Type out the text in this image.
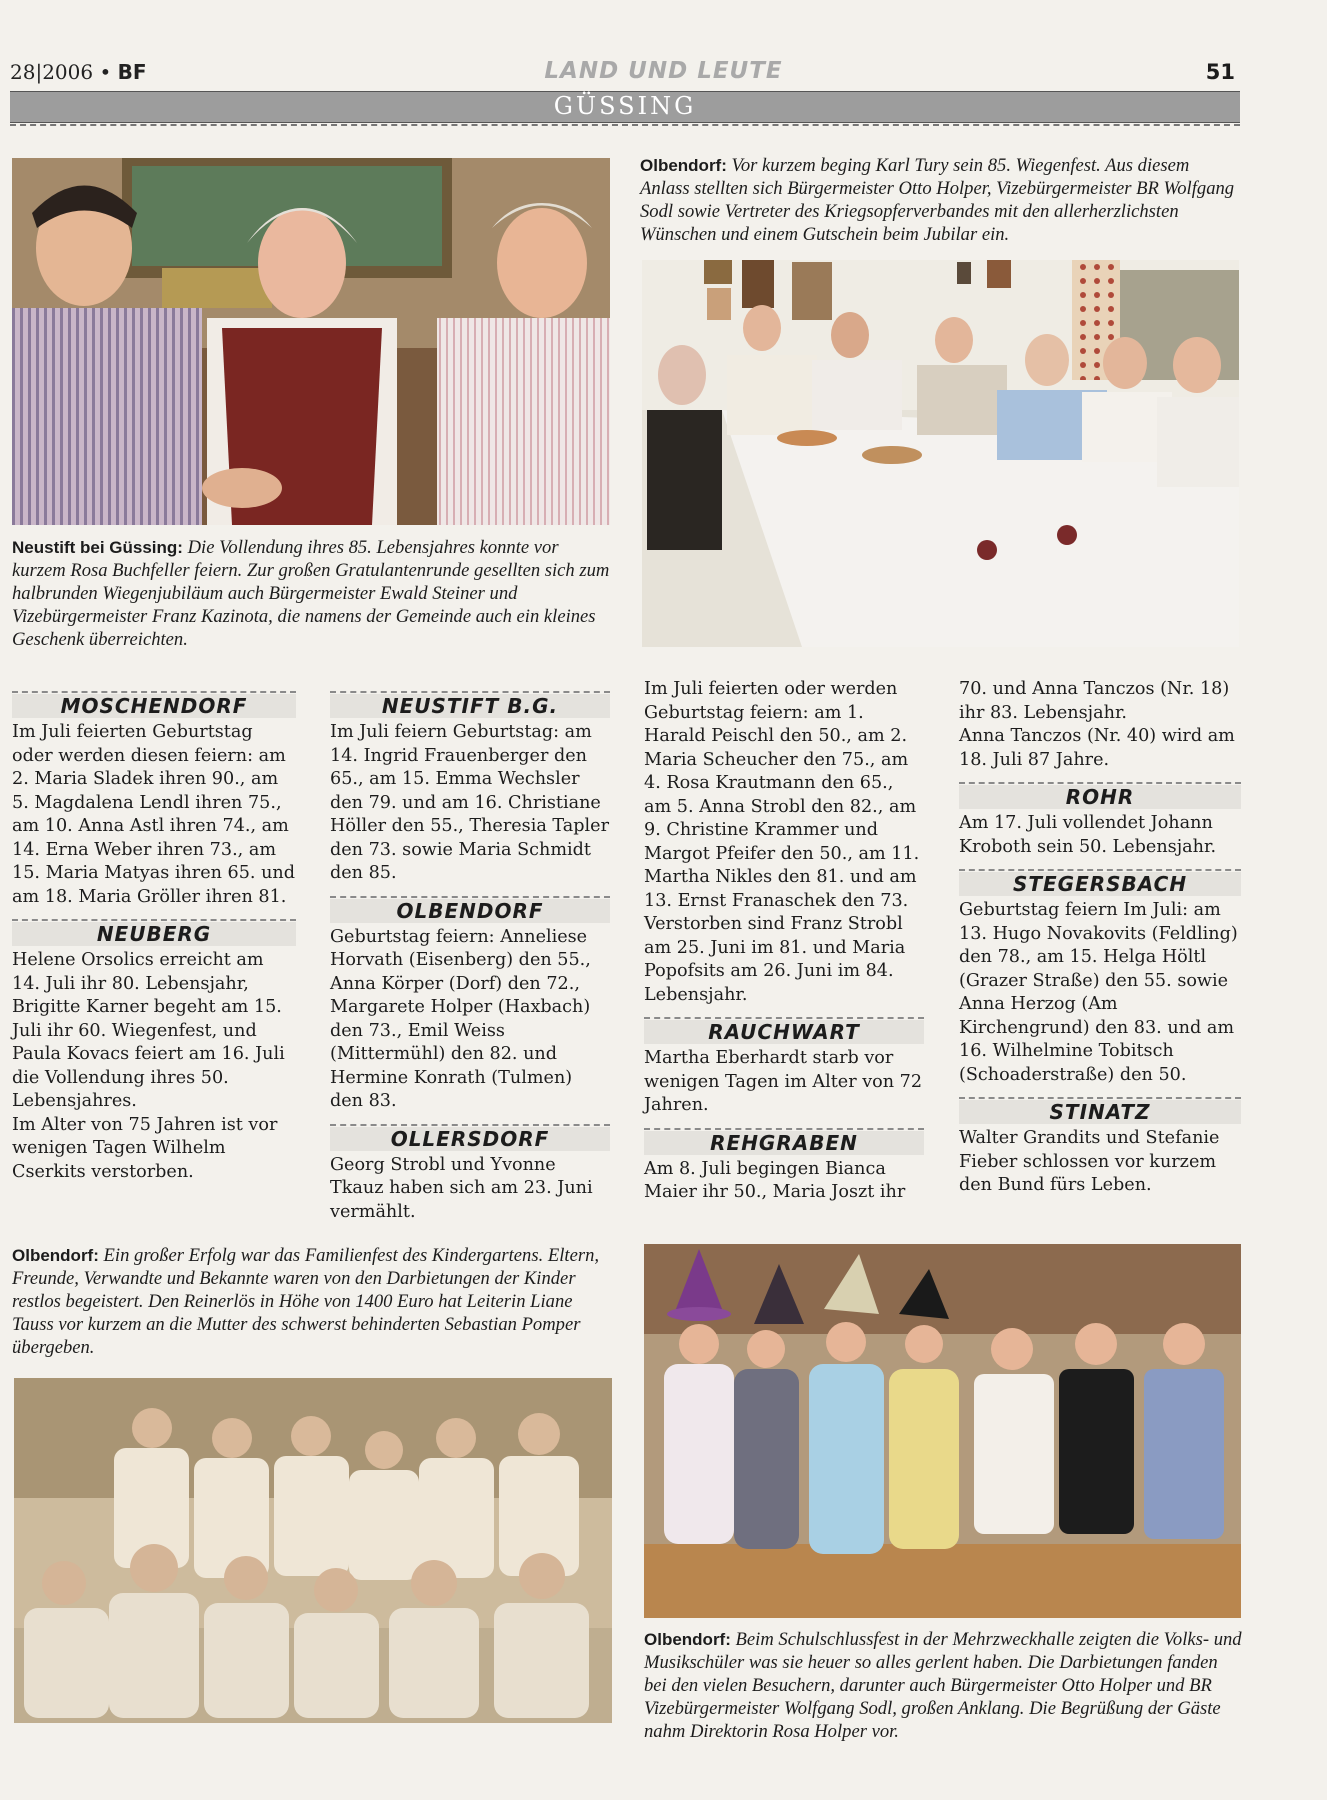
28|2006 • BF	LAND UND LEUTE	51
GÜSSING
Neustift bei Güssing: Die Vollendung ihres 85. Lebensjahres konnte vor kurzem Rosa Buchfeller feiern. Zur großen Gratulantenrunde gesellten sich zum halbrunden Wiegenjubiläum auch Bürgermeister Ewald Steiner und Vizebürgermeister Franz Kazinota, die namens der Gemeinde auch ein kleines Geschenk überreichten.
Olbendorf: Vor kurzem beging Karl Tury sein 85. Wiegenfest. Aus diesem Anlass stellten sich Bürgermeister Otto Holper, Vizebürgermeister BR Wolfgang Sodl sowie Vertreter des Kriegsopferverbandes mit den allerherzlichsten Wünschen und einem Gutschein beim Jubilar ein.
MOSCHENDORF

Im Juli feierten Geburtstag oder werden diesen feiern: am 2. Maria Sladek ihren 90., am 5. Magdalena Lendl ihren 75., am 10. Anna Astl ihren 74., am 14. Erna Weber ihren 73., am 15. Maria Matyas ihren 65. und am 18. Maria Gröller ihren 81.

NEUBERG

Helene Orsolics erreicht am 14. Juli ihr 80. Lebensjahr, Brigitte Karner begeht am 15. Juli ihr 60. Wiegenfest, und Paula Kovacs feiert am 16. Juli die Vollendung ihres 50. Lebensjahres.

Im Alter von 75 Jahren ist vor wenigen Tagen Wilhelm Cserkits verstorben.

NEUSTIFT B.G.

Im Juli feiern Geburtstag: am 14. Ingrid Frauenberger den 65., am 15. Emma Wechsler den 79. und am 16. Christiane Höller den 55., Theresia Tapler den 73. sowie Maria Schmidt den 85.

OLBENDORF

Geburtstag feiern: Anneliese Horvath (Eisenberg) den 55., Anna Körper (Dorf) den 72., Margarete Holper (Haxbach) den 73., Emil Weiss (Mittermühl) den 82. und Hermine Konrath (Tulmen) den 83.

OLLERSDORF

Georg Strobl und Yvonne Tkauz haben sich am 23. Juni vermählt.

Im Juli feierten oder werden Geburtstag feiern: am 1. Harald Peischl den 50., am 2. Maria Scheucher den 75., am 4. Rosa Krautmann den 65., am 5. Anna Strobl den 82., am 9. Christine Krammer und Margot Pfeifer den 50., am 11. Martha Nikles den 81. und am 13. Ernst Franaschek den 73. Verstorben sind Franz Strobl am 25. Juni im 81. und Maria Popofsits am 26. Juni im 84. Lebensjahr.

RAUCHWART

Martha Eberhardt starb vor wenigen Tagen im Alter von 72 Jahren.

REHGRABEN

Am 8. Juli begingen Bianca Maier ihr 50., Maria Joszt ihr

70. und Anna Tanczos (Nr. 18) ihr 83. Lebensjahr.

Anna Tanczos (Nr. 40) wird am 18. Juli 87 Jahre.

ROHR

Am 17. Juli vollendet Johann Kroboth sein 50. Lebensjahr.

STEGERSBACH

Geburtstag feiern Im Juli: am 13. Hugo Novakovits (Feldling) den 78., am 15. Helga Höltl (Grazer Straße) den 55. sowie Anna Herzog (Am Kirchengrund) den 83. und am 16. Wilhelmine Tobitsch (Schoaderstraße) den 50.

STINATZ

Walter Grandits und Stefanie Fieber schlossen vor kurzem den Bund fürs Leben.

Olbendorf: Ein großer Erfolg war das Familienfest des Kindergartens. Eltern, Freunde, Verwandte und Bekannte waren von den Darbietungen der Kinder restlos begeistert. Den Reinerlös in Höhe von 1400 Euro hat Leiterin Liane Tauss vor kurzem an die Mutter des schwerst behinderten Sebastian Pomper übergeben.
Olbendorf: Beim Schulschlussfest in der Mehrzweckhalle zeigten die Volks- und Musikschüler was sie heuer so alles gerlent haben. Die Darbietungen fanden bei den vielen Besuchern, darunter auch Bürgermeister Otto Holper und BR Vizebürgermeister Wolfgang Sodl, großen Anklang. Die Begrüßung der Gäste nahm Direktorin Rosa Holper vor.
